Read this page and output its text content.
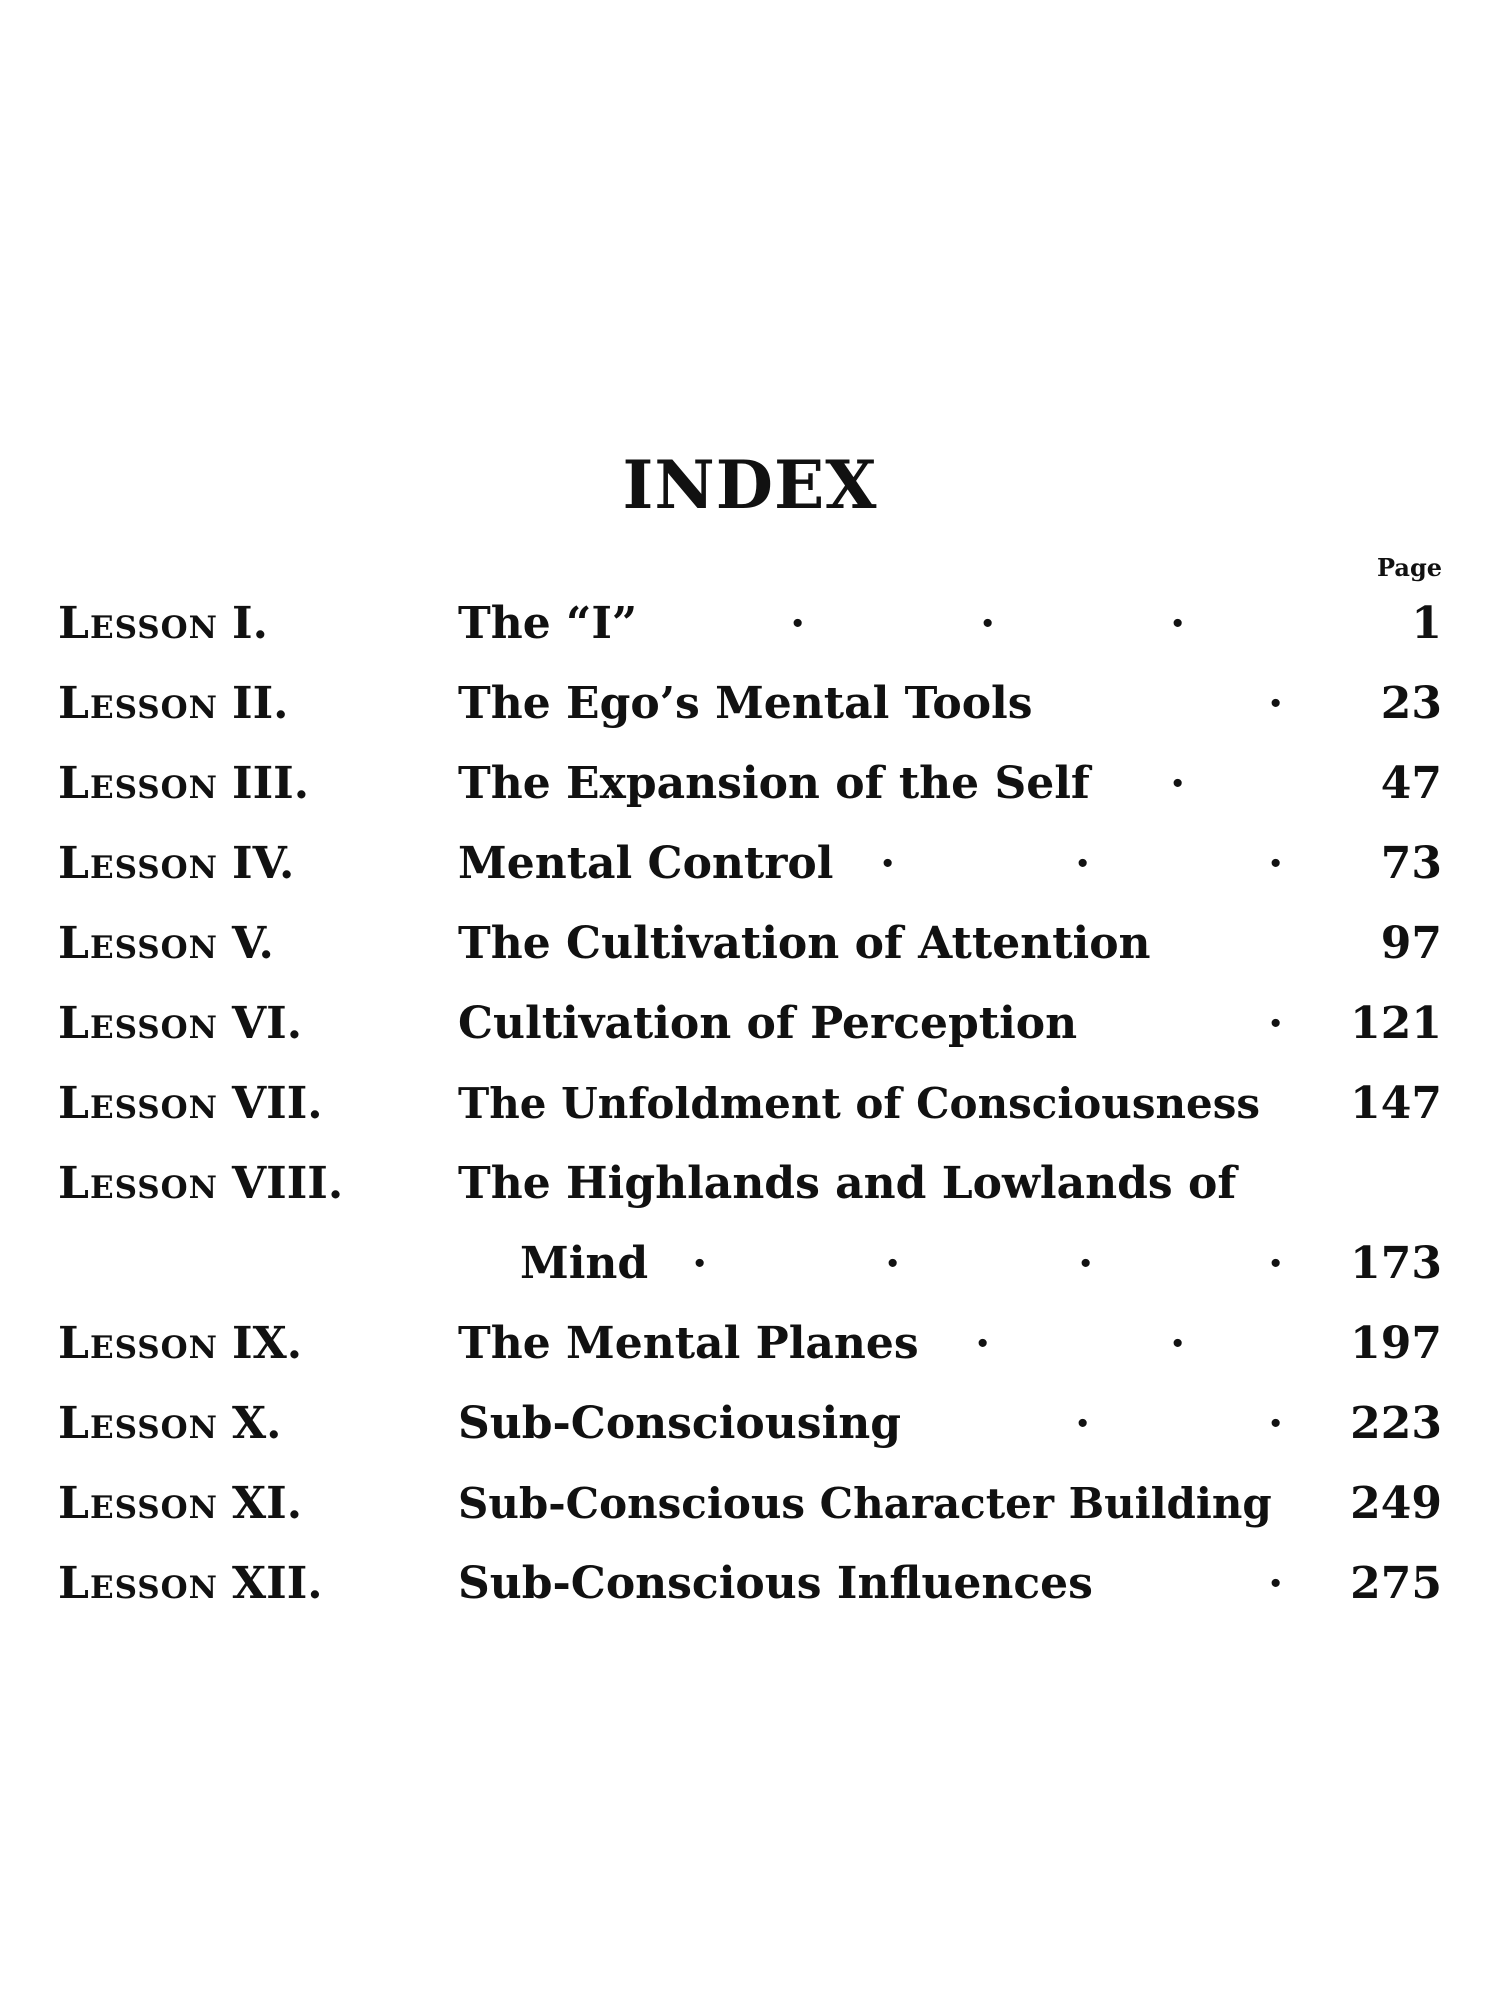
INDEX
Page
Lesson I.	The “I”	·	·	·	1
Lesson II.	The Ego’s Mental Tools	· 23
Lesson III.	The Expansion of the Self ·	47
Lesson IV.	Mental Control ·	·	· 73
Lesson V.	The Cultivation of Attention	97
Lesson VI.	Cultivation of Perception	· 121
Lesson VII.	The Unfoldment of Consciousness 147
Lesson VIII.	The Highlands and Lowlands of
Mind ·	·	·	· 173
Lesson IX.	The Mental Planes ·	·	197
Lesson X.	Sub-Consciousing	·	· 223
Lesson XI.	Sub-Conscious Character Building 249
Lesson XII.	Sub-Conscious Influences	· 275
